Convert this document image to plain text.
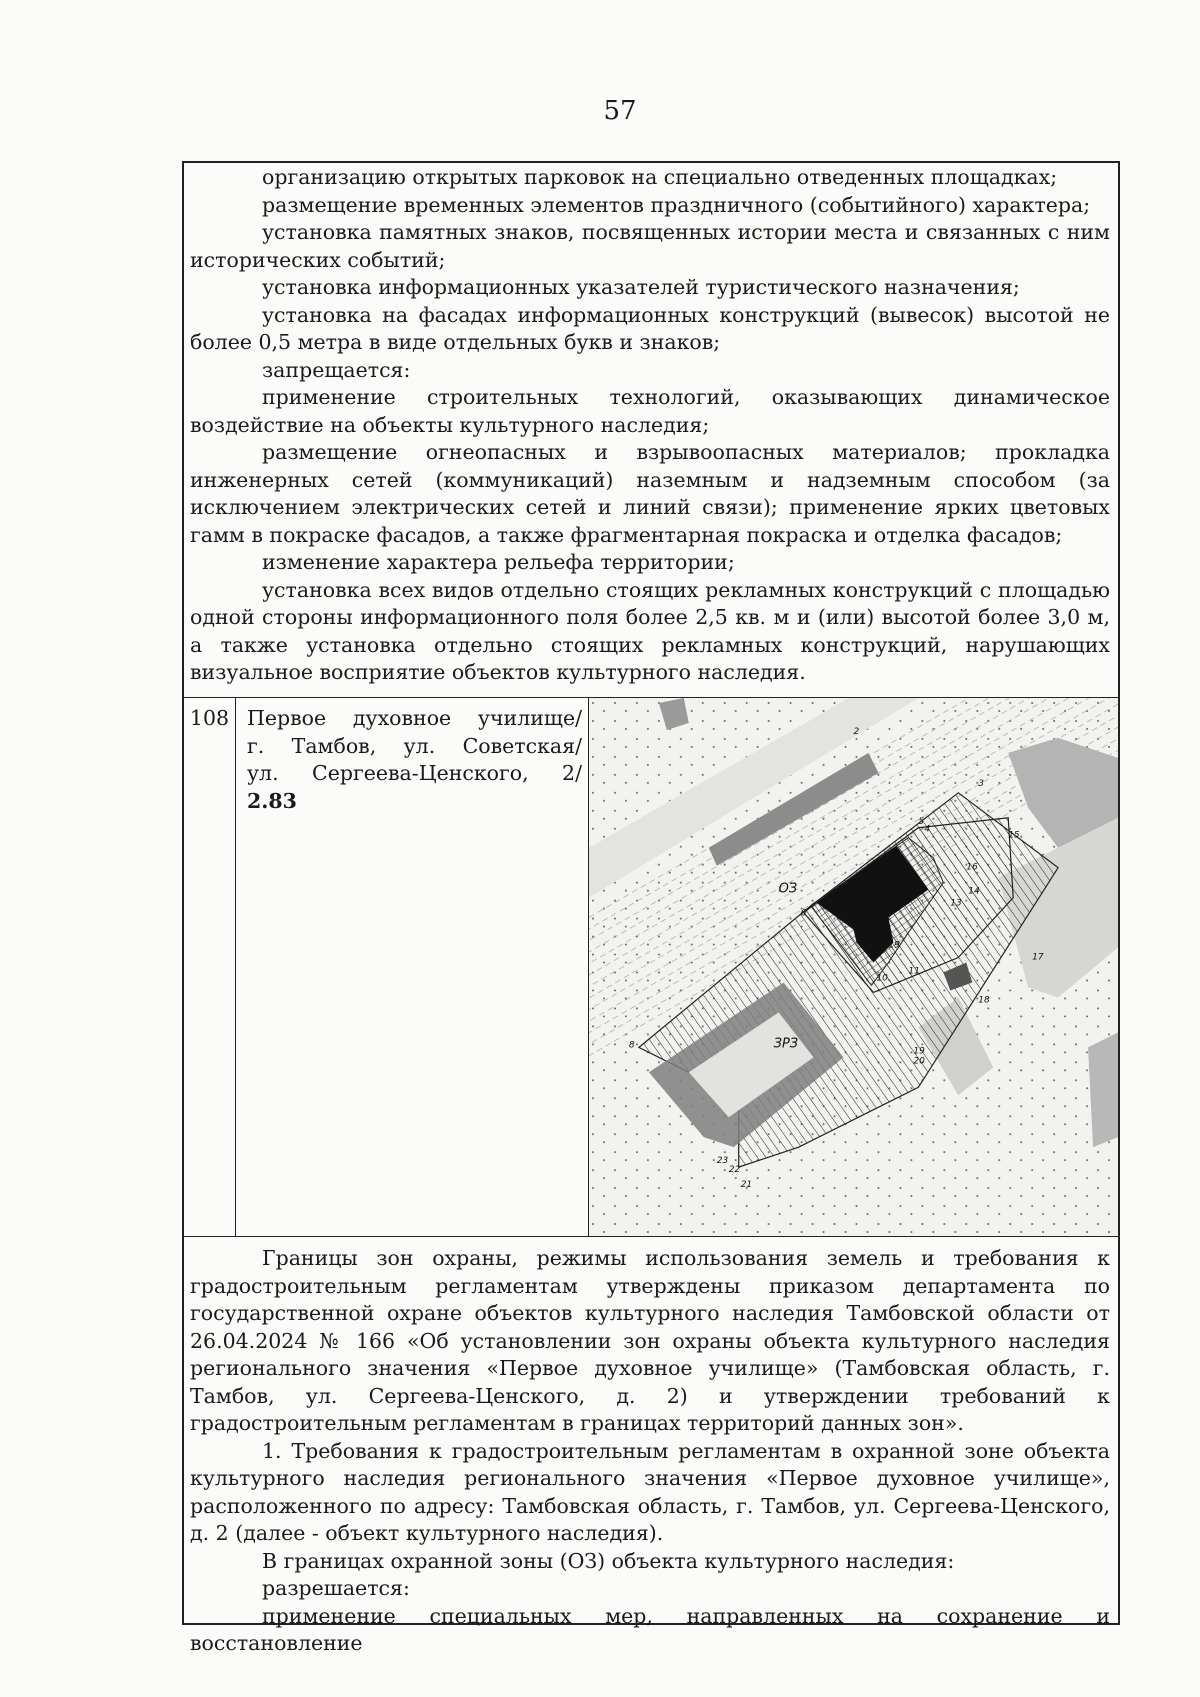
57

организацию открытых парковок на специально отведенных площадках;

размещение временных элементов праздничного (событийного) характера;

установка памятных знаков, посвященных истории места и связанных с ним исторических событий;

установка информационных указателей туристического назначения;

установка на фасадах информационных конструкций (вывесок) высотой не более 0,5 метра в виде отдельных букв и знаков;

запрещается:

применение строительных технологий, оказывающих динамическое воздействие на объекты культурного наследия;

размещение огнеопасных и взрывоопасных материалов; прокладка инженерных сетей (коммуникаций) наземным и надземным способом (за исключением электрических сетей и линий связи); применение ярких цветовых гамм в покраске фасадов, а также фрагментарная покраска и отделка фасадов;

изменение характера рельефа территории;

установка всех видов отдельно стоящих рекламных конструкций с площадью одной стороны информационного поля более 2,5 кв. м и (или) высотой более 3,0 м, а также установка отдельно стоящих рекламных конструкций, нарушающих визуальное восприятие объектов культурного наследия.

108 Первое духовное училище/
г. Тамбов, ул. Советская/
ул. Сергеева-Ценского, 2/ 2.83
ОЗ
ЗРЗ
2
3
5
4
15
16
14
13
6
19
11
10
17
18
19
20
8
23
22
21

Границы зон охраны, режимы использования земель и требования к градостроительным регламентам утверждены приказом департамента по государственной охране объектов культурного наследия Тамбовской области от 26.04.2024 № 166 «Об установлении зон охраны объекта культурного наследия регионального значения «Первое духовное училище» (Тамбовская область, г. Тамбов, ул. Сергеева-Ценского, д. 2) и утверждении требований к градостроительным регламентам в границах территорий данных зон».

1. Требования к градостроительным регламентам в охранной зоне объекта культурного наследия регионального значения «Первое духовное училище», расположенного по адресу: Тамбовская область, г. Тамбов, ул. Сергеева-Ценского, д. 2 (далее - объект культурного наследия).

В границах охранной зоны (ОЗ) объекта культурного наследия:

разрешается:

применение специальных мер, направленных на сохранение и восстановление
